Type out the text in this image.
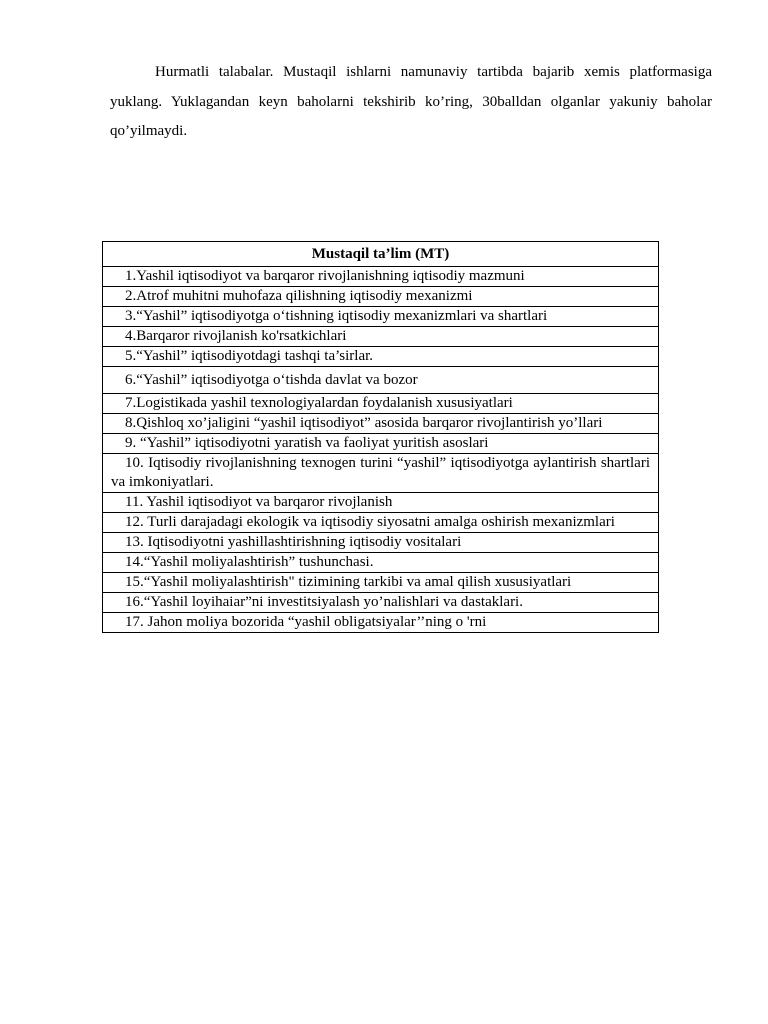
Hurmatli talabalar. Mustaqil ishlarni namunaviy tartibda bajarib xemis platformasiga yuklang. Yuklagandan keyn baholarni tekshirib ko’ring, 30balldan olganlar yakuniy baholar qo’yilmaydi.

Mustaqil ta’lim (MT)
1.Yashil iqtisodiyot va barqaror rivojlanishning iqtisodiy mazmuni
2.Atrof muhitni muhofaza qilishning iqtisodiy mexanizmi
3.“Yashil” iqtisodiyotga o‘tishning iqtisodiy mexanizmlari va shartlari
4.Barqaror rivojlanish ko'rsatkichlari
5.“Yashil” iqtisodiyotdagi tashqi ta’sirlar.
6.“Yashil” iqtisodiyotga o‘tishda davlat va bozor
7.Logistikada yashil texnologiyalardan foydalanish xususiyatlari
8.Qishloq xo’jaligini “yashil iqtisodiyot” asosida barqaror rivojlantirish yo’llari
9. “Yashil” iqtisodiyotni yaratish va faoliyat yuritish asoslari
10. Iqtisodiy rivojlanishning texnogen turini “yashil” iqtisodiyotga aylantirish shartlari va imkoniyatlari.
11. Yashil iqtisodiyot va barqaror rivojlanish
12. Turli darajadagi ekologik va iqtisodiy siyosatni amalga oshirish mexanizmlari
13. Iqtisodiyotni yashillashtirishning iqtisodiy vositalari
14.“Yashil moliyalashtirish” tushunchasi.
15.“Yashil moliyalashtirish" tizimining tarkibi va amal qilish xususiyatlari
16.“Yashil loyihaiar”ni investitsiyalash yo’nalishlari va dastaklari.
17. Jahon moliya bozorida “yashil obligatsiyalar’’ning o 'rni
